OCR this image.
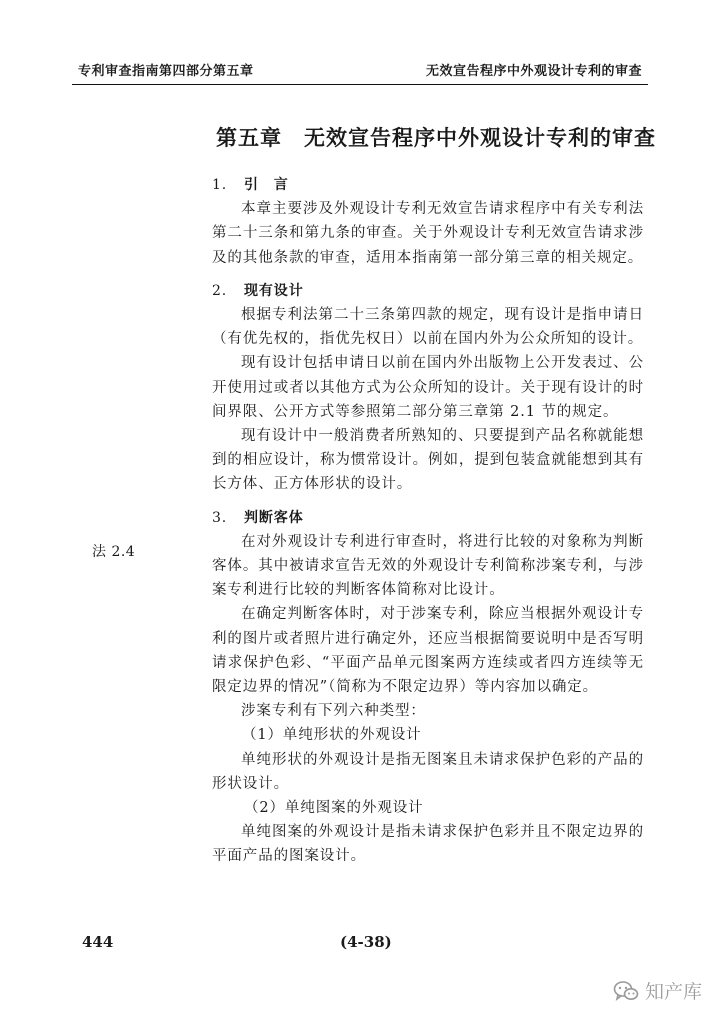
专利审查指南第四部分第五章	无效宣告程序中外观设计专利的审查
第五章 无效宣告程序中外观设计专利的审查
法 2.4
1. 引　言

本章主要涉及外观设计专利无效宣告请求程序中有关专利法第二十三条和第九条的审查。关于外观设计专利无效宣告请求涉及的其他条款的审查，适用本指南第一部分第三章的相关规定。

2. 现有设计

根据专利法第二十三条第四款的规定，现有设计是指申请日（有优先权的，指优先权日）以前在国内外为公众所知的设计。

现有设计包括申请日以前在国内外出版物上公开发表过、公开使用过或者以其他方式为公众所知的设计。关于现有设计的时间界限、公开方式等参照第二部分第三章第 2.1 节的规定。

现有设计中一般消费者所熟知的、只要提到产品名称就能想到的相应设计，称为惯常设计。例如，提到包装盒就能想到其有长方体、正方体形状的设计。

3. 判断客体

在对外观设计专利进行审查时，将进行比较的对象称为判断客体。其中被请求宣告无效的外观设计专利简称涉案专利，与涉案专利进行比较的判断客体简称对比设计。

在确定判断客体时，对于涉案专利，除应当根据外观设计专利的图片或者照片进行确定外，还应当根据简要说明中是否写明请求保护色彩、“平面产品单元图案两方连续或者四方连续等无限定边界的情况”（简称为不限定边界）等内容加以确定。

涉案专利有下列六种类型：

（1）单纯形状的外观设计

单纯形状的外观设计是指无图案且未请求保护色彩的产品的形状设计。

（2）单纯图案的外观设计

单纯图案的外观设计是指未请求保护色彩并且不限定边界的平面产品的图案设计。

444	(4-38)
知产库
